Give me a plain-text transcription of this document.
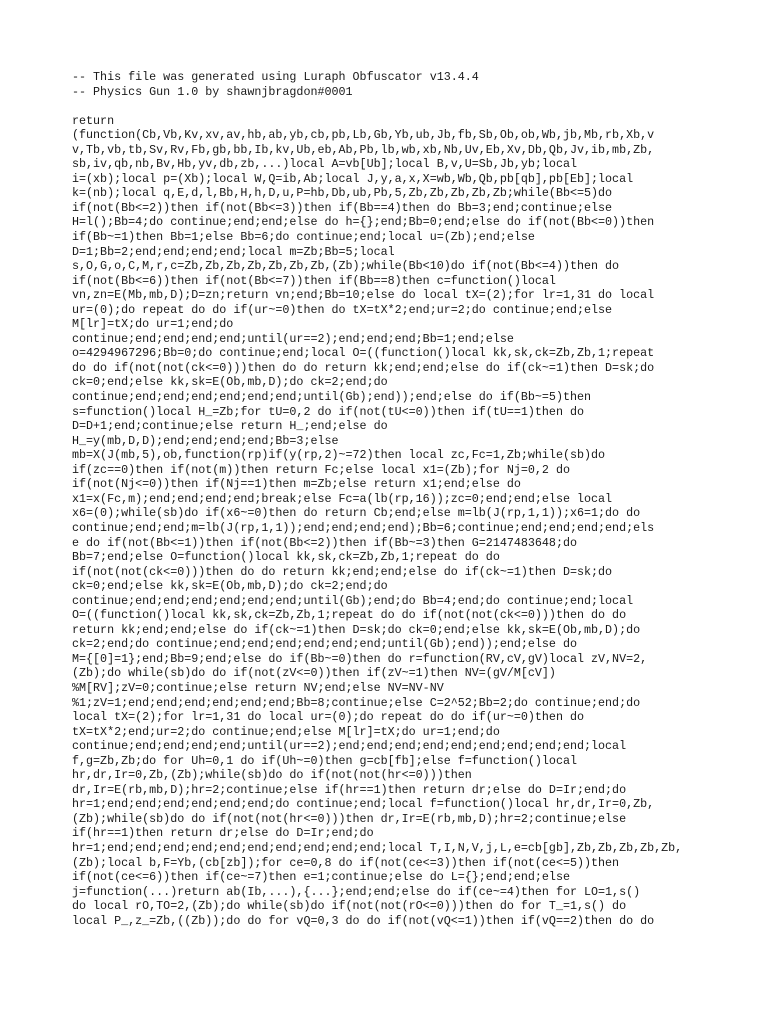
-- This file was generated using Luraph Obfuscator v13.4.4
-- Physics Gun 1.0 by shawnjbragdon#0001
return
(function(Cb,Vb,Kv,xv,av,hb,ab,yb,cb,pb,Lb,Gb,Yb,ub,Jb,fb,Sb,Ob,ob,Wb,jb,Mb,rb,Xb,v
v,Tb,vb,tb,Sv,Rv,Fb,gb,bb,Ib,kv,Ub,eb,Ab,Pb,lb,wb,xb,Nb,Uv,Eb,Xv,Db,Qb,Jv,ib,mb,Zb,
sb,iv,qb,nb,Bv,Hb,yv,db,zb,...)local A=vb[Ub];local B,v,U=Sb,Jb,yb;local
i=(xb);local p=(Xb);local W,Q=ib,Ab;local J,y,a,x,X=wb,Wb,Qb,pb[qb],pb[Eb];local
k=(nb);local q,E,d,l,Bb,H,h,D,u,P=hb,Db,ub,Pb,5,Zb,Zb,Zb,Zb,Zb;while(Bb<=5)do
if(not(Bb<=2))then if(not(Bb<=3))then if(Bb==4)then do Bb=3;end;continue;else
H=l();Bb=4;do continue;end;end;else do h={};end;Bb=0;end;else do if(not(Bb<=0))then
if(Bb~=1)then Bb=1;else Bb=6;do continue;end;local u=(Zb);end;else
D=1;Bb=2;end;end;end;end;local m=Zb;Bb=5;local
s,O,G,o,C,M,r,c=Zb,Zb,Zb,Zb,Zb,Zb,Zb,(Zb);while(Bb<10)do if(not(Bb<=4))then do
if(not(Bb<=6))then if(not(Bb<=7))then if(Bb==8)then c=function()local
vn,zn=E(Mb,mb,D);D=zn;return vn;end;Bb=10;else do local tX=(2);for lr=1,31 do local
ur=(0);do repeat do do if(ur~=0)then do tX=tX*2;end;ur=2;do continue;end;else
M[lr]=tX;do ur=1;end;do
continue;end;end;end;end;until(ur==2);end;end;end;Bb=1;end;else
o=4294967296;Bb=0;do continue;end;local O=((function()local kk,sk,ck=Zb,Zb,1;repeat
do do if(not(not(ck<=0)))then do do return kk;end;end;else do if(ck~=1)then D=sk;do
ck=0;end;else kk,sk=E(Ob,mb,D);do ck=2;end;do
continue;end;end;end;end;end;end;until(Gb);end));end;else do if(Bb~=5)then
s=function()local H_=Zb;for tU=0,2 do if(not(tU<=0))then if(tU==1)then do
D=D+1;end;continue;else return H_;end;else do
H_=y(mb,D,D);end;end;end;end;Bb=3;else
mb=X(J(mb,5),ob,function(rp)if(y(rp,2)~=72)then local zc,Fc=1,Zb;while(sb)do
if(zc==0)then if(not(m))then return Fc;else local x1=(Zb);for Nj=0,2 do
if(not(Nj<=0))then if(Nj==1)then m=Zb;else return x1;end;else do
x1=x(Fc,m);end;end;end;end;break;else Fc=a(lb(rp,16));zc=0;end;end;else local
x6=(0);while(sb)do if(x6~=0)then do return Cb;end;else m=lb(J(rp,1,1));x6=1;do do
continue;end;end;m=lb(J(rp,1,1));end;end;end;end);Bb=6;continue;end;end;end;end;els
e do if(not(Bb<=1))then if(not(Bb<=2))then if(Bb~=3)then G=2147483648;do
Bb=7;end;else O=function()local kk,sk,ck=Zb,Zb,1;repeat do do
if(not(not(ck<=0)))then do do return kk;end;end;else do if(ck~=1)then D=sk;do
ck=0;end;else kk,sk=E(Ob,mb,D);do ck=2;end;do
continue;end;end;end;end;end;end;until(Gb);end;do Bb=4;end;do continue;end;local
O=((function()local kk,sk,ck=Zb,Zb,1;repeat do do if(not(not(ck<=0)))then do do
return kk;end;end;else do if(ck~=1)then D=sk;do ck=0;end;else kk,sk=E(Ob,mb,D);do
ck=2;end;do continue;end;end;end;end;end;end;until(Gb);end));end;else do
M={[0]=1};end;Bb=9;end;else do if(Bb~=0)then do r=function(RV,cV,gV)local zV,NV=2,
(Zb);do while(sb)do do if(not(zV<=0))then if(zV~=1)then NV=(gV/M[cV])
%M[RV];zV=0;continue;else return NV;end;else NV=NV-NV
%1;zV=1;end;end;end;end;end;end;Bb=8;continue;else C=2^52;Bb=2;do continue;end;do
local tX=(2);for lr=1,31 do local ur=(0);do repeat do do if(ur~=0)then do
tX=tX*2;end;ur=2;do continue;end;else M[lr]=tX;do ur=1;end;do
continue;end;end;end;end;until(ur==2);end;end;end;end;end;end;end;end;end;local
f,g=Zb,Zb;do for Uh=0,1 do if(Uh~=0)then g=cb[fb];else f=function()local
hr,dr,Ir=0,Zb,(Zb);while(sb)do do if(not(not(hr<=0)))then
dr,Ir=E(rb,mb,D);hr=2;continue;else if(hr==1)then return dr;else do D=Ir;end;do
hr=1;end;end;end;end;end;end;do continue;end;local f=function()local hr,dr,Ir=0,Zb,
(Zb);while(sb)do do if(not(not(hr<=0)))then dr,Ir=E(rb,mb,D);hr=2;continue;else
if(hr==1)then return dr;else do D=Ir;end;do
hr=1;end;end;end;end;end;end;end;end;end;end;local T,I,N,V,j,L,e=cb[gb],Zb,Zb,Zb,Zb,Zb,
(Zb);local b,F=Yb,(cb[zb]);for ce=0,8 do if(not(ce<=3))then if(not(ce<=5))then
if(not(ce<=6))then if(ce~=7)then e=1;continue;else do L={};end;end;else
j=function(...)return ab(Ib,...),{...};end;end;else do if(ce~=4)then for LO=1,s()
do local rO,TO=2,(Zb);do while(sb)do if(not(not(rO<=0)))then do for T_=1,s() do
local P_,z_=Zb,((Zb));do do for vQ=0,3 do do if(not(vQ<=1))then if(vQ==2)then do do
